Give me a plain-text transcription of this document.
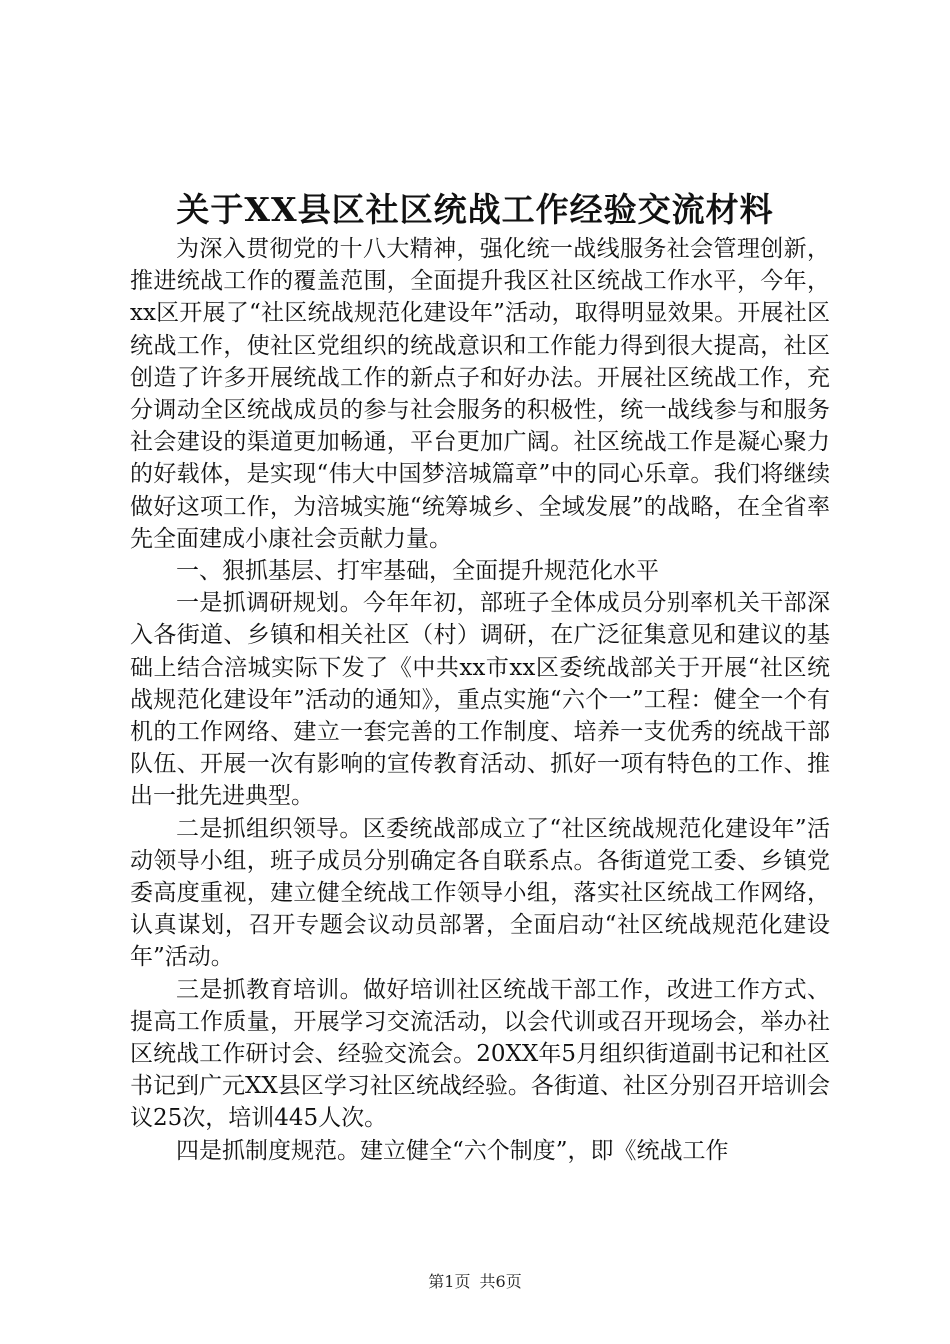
关于XX县区社区统战工作经验交流材料

为深入贯彻党的十八大精神，强化统一战线服务社会管理创新，推进统战工作的覆盖范围，全面提升我区社区统战工作水平，今年，xx区开展了“社区统战规范化建设年”活动，取得明显效果。开展社区统战工作，使社区党组织的统战意识和工作能力得到很大提高，社区创造了许多开展统战工作的新点子和好办法。开展社区统战工作，充分调动全区统战成员的参与社会服务的积极性，统一战线参与和服务社会建设的渠道更加畅通，平台更加广阔。社区统战工作是凝心聚力的好载体，是实现“伟大中国梦涪城篇章”中的同心乐章。我们将继续做好这项工作，为涪城实施“统筹城乡、全域发展”的战略，在全省率先全面建成小康社会贡献力量。

一、狠抓基层、打牢基础，全面提升规范化水平

一是抓调研规划。今年年初，部班子全体成员分别率机关干部深入各街道、乡镇和相关社区（村）调研，在广泛征集意见和建议的基础上结合涪城实际下发了《中共xx市xx区委统战部关于开展“社区统战规范化建设年”活动的通知》，重点实施“六个一”工程：健全一个有机的工作网络、建立一套完善的工作制度、培养一支优秀的统战干部队伍、开展一次有影响的宣传教育活动、抓好一项有特色的工作、推出一批先进典型。

二是抓组织领导。区委统战部成立了“社区统战规范化建设年”活动领导小组，班子成员分别确定各自联系点。各街道党工委、乡镇党委高度重视，建立健全统战工作领导小组，落实社区统战工作网络，认真谋划，召开专题会议动员部署，全面启动“社区统战规范化建设年”活动。

三是抓教育培训。做好培训社区统战干部工作，改进工作方式、提高工作质量，开展学习交流活动，以会代训或召开现场会，举办社区统战工作研讨会、经验交流会。20XX年5月组织街道副书记和社区书记到广元XX县区学习社区统战经验。各街道、社区分别召开培训会议25次，培训445人次。

四是抓制度规范。建立健全“六个制度”，即《统战工作

第1页 共6页
